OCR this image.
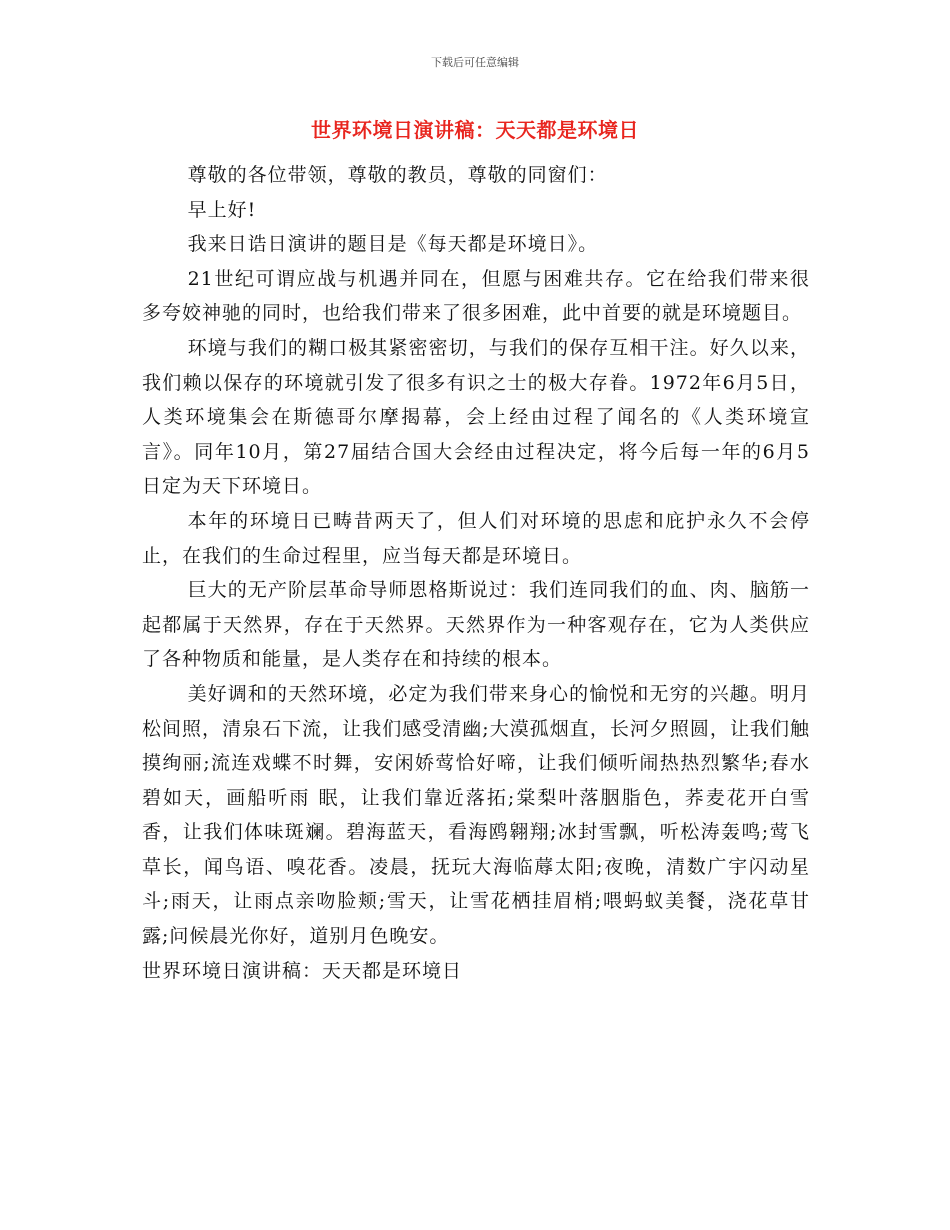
下载后可任意编辑
世界环境日演讲稿：天天都是环境日

尊敬的各位带领，尊敬的教员，尊敬的同窗们：

早上好!

我来日诰日演讲的题目是《每天都是环境日》。

21世纪可谓应战与机遇并同在，但愿与困难共存。它在给我们带来很多夸姣神驰的同时，也给我们带来了很多困难，此中首要的就是环境题目。

环境与我们的糊口极其紧密密切，与我们的保存互相干注。好久以来，我们赖以保存的环境就引发了很多有识之士的极大存眷。1972年6月5日，人类环境集会在斯德哥尔摩揭幕，会上经由过程了闻名的《人类环境宣言》。同年10月，第27届结合国大会经由过程决定，将今后每一年的6月5日定为天下环境日。

本年的环境日已畴昔两天了，但人们对环境的思虑和庇护永久不会停止，在我们的生命过程里，应当每天都是环境日。

巨大的无产阶层革命导师恩格斯说过：我们连同我们的血、肉、脑筋一起都属于天然界，存在于天然界。天然界作为一种客观存在，它为人类供应了各种物质和能量，是人类存在和持续的根本。

美好调和的天然环境，必定为我们带来身心的愉悦和无穷的兴趣。明月松间照，清泉石下流，让我们感受清幽;大漠孤烟直，长河夕照圆，让我们触摸绚丽;流连戏蝶不时舞，安闲娇莺恰好啼，让我们倾听闹热热烈繁华;春水碧如天，画船听雨 眠，让我们靠近落拓;棠梨叶落胭脂色，荞麦花开白雪香，让我们体味斑斓。碧海蓝天，看海鸥翱翔;冰封雪飘，听松涛轰鸣;莺飞草长，闻鸟语、嗅花香。凌晨，抚玩大海临蓐太阳;夜晚，清数广宇闪动星斗;雨天，让雨点亲吻脸颊;雪天，让雪花栖挂眉梢;喂蚂蚁美餐，浇花草甘露;问候晨光你好，道别月色晚安。

世界环境日演讲稿：天天都是环境日
